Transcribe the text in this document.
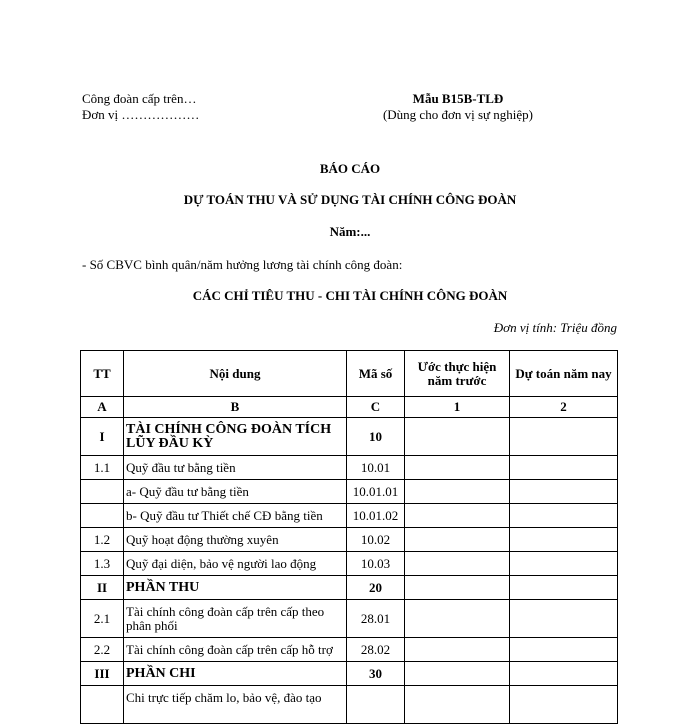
Công đoàn cấp trên…
Đơn vị ………………
Mẫu B15B-TLĐ
(Dùng cho đơn vị sự nghiệp)
BÁO CÁO
DỰ TOÁN THU VÀ SỬ DỤNG TÀI CHÍNH CÔNG ĐOÀN
Năm:...
- Số CBVC bình quân/năm hưởng lương tài chính công đoàn:
CÁC CHỈ TIÊU THU - CHI TÀI CHÍNH CÔNG ĐOÀN
Đơn vị tính: Triệu đồng
TT	Nội dung	Mã số	Ước thực hiện năm trước	Dự toán năm nay
A	B	C	1	2
I	TÀI CHÍNH CÔNG ĐOÀN TÍCH LŨY ĐẦU KỲ	10		
1.1	Quỹ đầu tư bằng tiền	10.01		
	a- Quỹ đầu tư bằng tiền	10.01.01		
	b- Quỹ đầu tư Thiết chế CĐ bằng tiền	10.01.02		
1.2	Quỹ hoạt động thường xuyên	10.02		
1.3	Quỹ đại diện, bảo vệ người lao động	10.03		
II	PHẦN THU	20		
2.1	Tài chính công đoàn cấp trên cấp theo phân phối	28.01		
2.2	Tài chính công đoàn cấp trên cấp hỗ trợ	28.02		
III	PHẦN CHI	30		
	Chi trực tiếp chăm lo, bảo vệ, đào tạo			
